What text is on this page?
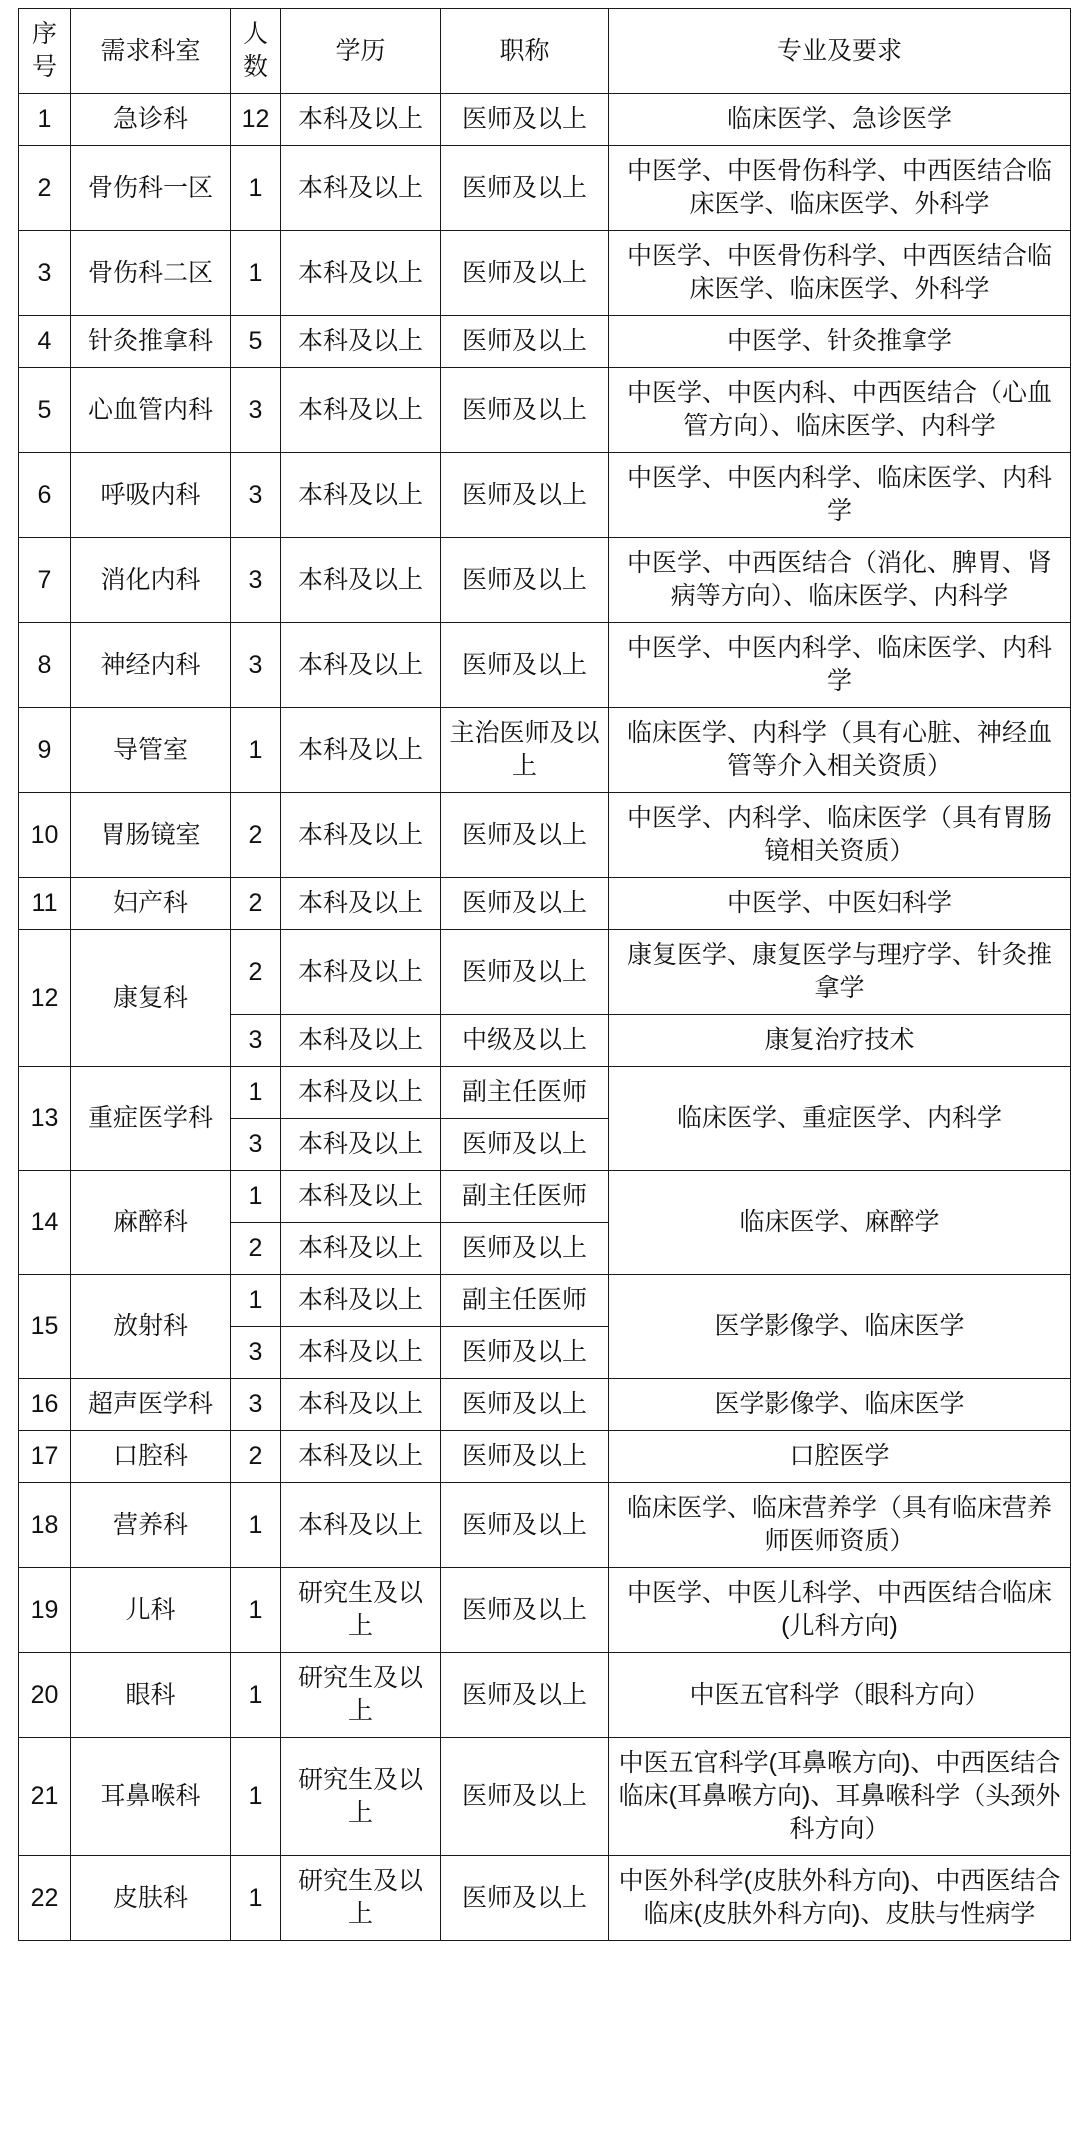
序号	需求科室	人数	学历	职称	专业及要求
1	急诊科	12	本科及以上	医师及以上	临床医学、急诊医学
2	骨伤科一区	1	本科及以上	医师及以上	中医学、中医骨伤科学、中西医结合临床医学、临床医学、外科学
3	骨伤科二区	1	本科及以上	医师及以上	中医学、中医骨伤科学、中西医结合临床医学、临床医学、外科学
4	针灸推拿科	5	本科及以上	医师及以上	中医学、针灸推拿学
5	心血管内科	3	本科及以上	医师及以上	中医学、中医内科、中西医结合（心血管方向）、临床医学、内科学
6	呼吸内科	3	本科及以上	医师及以上	中医学、中医内科学、临床医学、内科学
7	消化内科	3	本科及以上	医师及以上	中医学、中西医结合（消化、脾胃、肾病等方向）、临床医学、内科学
8	神经内科	3	本科及以上	医师及以上	中医学、中医内科学、临床医学、内科学
9	导管室	1	本科及以上	主治医师及以上	临床医学、内科学（具有心脏、神经血管等介入相关资质）
10	胃肠镜室	2	本科及以上	医师及以上	中医学、内科学、临床医学（具有胃肠镜相关资质）
11	妇产科	2	本科及以上	医师及以上	中医学、中医妇科学
12	康复科	2	本科及以上	医师及以上	康复医学、康复医学与理疗学、针灸推拿学
		3	本科及以上	中级及以上	康复治疗技术
13	重症医学科	1	本科及以上	副主任医师	临床医学、重症医学、内科学
		3	本科及以上	医师及以上	
14	麻醉科	1	本科及以上	副主任医师	临床医学、麻醉学
		2	本科及以上	医师及以上	
15	放射科	1	本科及以上	副主任医师	医学影像学、临床医学
		3	本科及以上	医师及以上	
16	超声医学科	3	本科及以上	医师及以上	医学影像学、临床医学
17	口腔科	2	本科及以上	医师及以上	口腔医学
18	营养科	1	本科及以上	医师及以上	临床医学、临床营养学（具有临床营养师医师资质）
19	儿科	1	研究生及以上	医师及以上	中医学、中医儿科学、中西医结合临床(儿科方向)
20	眼科	1	研究生及以上	医师及以上	中医五官科学（眼科方向）
21	耳鼻喉科	1	研究生及以上	医师及以上	中医五官科学(耳鼻喉方向)、中西医结合临床(耳鼻喉方向)、耳鼻喉科学（头颈外科方向）
22	皮肤科	1	研究生及以上	医师及以上	中医外科学(皮肤外科方向)、中西医结合临床(皮肤外科方向)、皮肤与性病学
